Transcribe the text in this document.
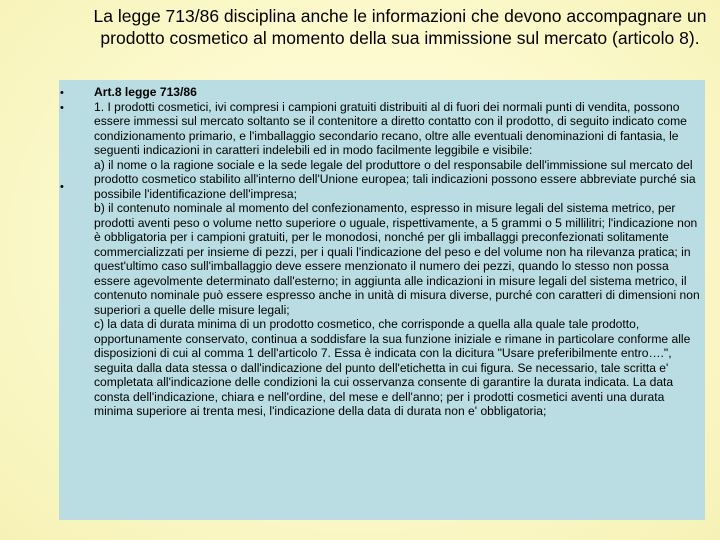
La legge 713/86 disciplina anche le informazioni che devono accompagnare un prodotto cosmetico al momento della sua immissione sul mercato (articolo 8).
•
•
•

Art.8 legge 713/86

1. I prodotti cosmetici, ivi compresi i campioni gratuiti distribuiti al di fuori dei normali punti di vendita, possono essere immessi sul mercato soltanto se il contenitore a diretto contatto con il prodotto, di seguito indicato come condizionamento primario, e l'imballaggio secondario recano, oltre alle eventuali denominazioni di fantasia, le seguenti indicazioni in caratteri indelebili ed in modo facilmente leggibile e visibile:

a) il nome o la ragione sociale e la sede legale del produttore o del responsabile dell'immissione sul mercato del prodotto cosmetico stabilito all'interno dell'Unione europea; tali indicazioni possono essere abbreviate purché sia possibile l'identificazione dell'impresa;
b) il contenuto nominale al momento del confezionamento, espresso in misure legali del sistema metrico, per prodotti aventi peso o volume netto superiore o uguale, rispettivamente, a 5 grammi o 5 millilitri; l'indicazione non è obbligatoria per i campioni gratuiti, per le monodosi, nonché per gli imballaggi preconfezionati solitamente commercializzati per insieme di pezzi, per i quali l'indicazione del peso e del volume non ha rilevanza pratica; in quest'ultimo caso sull'imballaggio deve essere menzionato il numero dei pezzi, quando lo stesso non possa essere agevolmente determinato dall'esterno; in aggiunta alle indicazioni in misure legali del sistema metrico, il contenuto nominale può essere espresso anche in unità di misura diverse, purché con caratteri di dimensioni non superiori a quelle delle misure legali;
c) la data di durata minima di un prodotto cosmetico, che corrisponde a quella alla quale tale prodotto, opportunamente conservato, continua a soddisfare la sua funzione iniziale e rimane in particolare conforme alle disposizioni di cui al comma 1 dell'articolo 7. Essa è indicata con la dicitura "Usare preferibilmente entro….", seguita dalla data stessa o dall'indicazione del punto dell'etichetta in cui figura. Se necessario, tale scritta e' completata all'indicazione delle condizioni la cui osservanza consente di garantire la durata indicata. La data consta dell'indicazione, chiara e nell'ordine, del mese e dell'anno; per i prodotti cosmetici aventi una durata minima superiore ai trenta mesi, l'indicazione della data di durata non e' obbligatoria;
